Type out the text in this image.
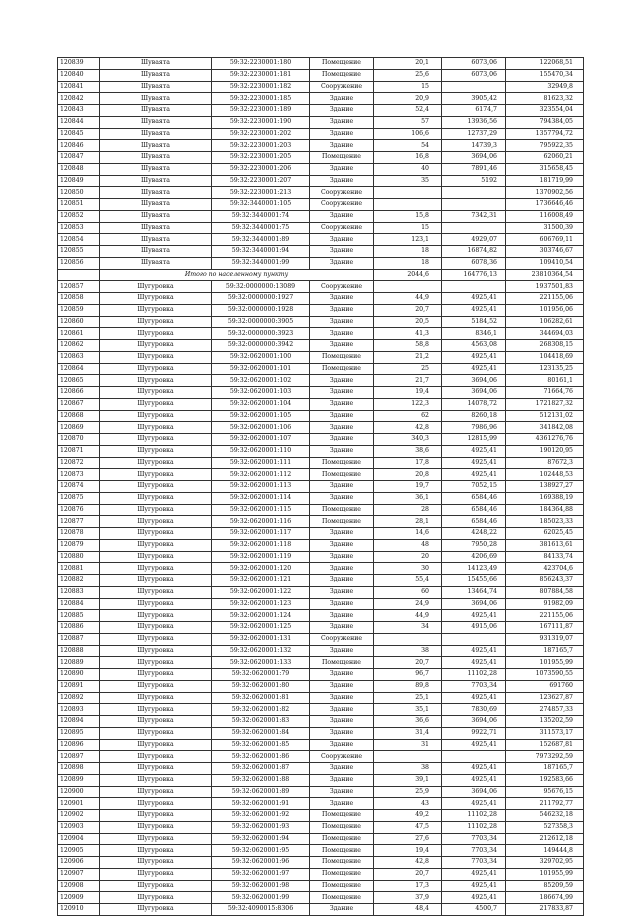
120839	Шуваята	59:32:2230001:180	Помещение	20,1	6073,06	122068,51
120840	Шуваята	59:32:2230001:181	Помещение	25,6	6073,06	155470,34
120841	Шуваята	59:32:2230001:182	Сооружение	15		32949,8
120842	Шуваята	59:32:2230001:185	Здание	20,9	3905,42	81623,32
120843	Шуваята	59:32:2230001:189	Здание	52,4	6174,7	323554,04
120844	Шуваята	59:32:2230001:190	Здание	57	13936,56	794384,05
120845	Шуваята	59:32:2230001:202	Здание	106,6	12737,29	1357794,72
120846	Шуваята	59:32:2230001:203	Здание	54	14739,3	795922,35
120847	Шуваята	59:32:2230001:205	Помещение	16,8	3694,06	62060,21
120848	Шуваята	59:32:2230001:206	Здание	40	7891,46	315658,45
120849	Шуваята	59:32:2230001:207	Здание	35	5192	181719,99
120850	Шуваята	59:32:2230001:213	Сооружение			1370902,56
120851	Шуваята	59:32:3440001:105	Сооружение			1736646,46
120852	Шуваята	59:32:3440001:74	Здание	15,8	7342,31	116008,49
120853	Шуваята	59:32:3440001:75	Сооружение	15		31500,39
120854	Шуваята	59:32:3440001:89	Здание	123,1	4929,07	606769,11
120855	Шуваята	59:32:3440001:94	Здание	18	16874,82	303746,67
120856	Шуваята	59:32:3440001:99	Здание	18	6078,36	109410,54
	Итого по населенному пункту			2044,6	164776,13	23810364,54
120857	Шугуровка	59:32:0000000:13089	Сооружение			1937501,83
120858	Шугуровка	59:32:0000000:1927	Здание	44,9	4925,41	221155,06
120859	Шугуровка	59:32:0000000:1928	Здание	20,7	4925,41	101956,06
120860	Шугуровка	59:32:0000000:3905	Здание	20,5	5184,52	106282,61
120861	Шугуровка	59:32:0000000:3923	Здание	41,3	8346,1	344694,03
120862	Шугуровка	59:32:0000000:3942	Здание	58,8	4563,08	268308,15
120863	Шугуровка	59:32:0620001:100	Помещение	21,2	4925,41	104418,69
120864	Шугуровка	59:32:0620001:101	Помещение	25	4925,41	123135,25
120865	Шугуровка	59:32:0620001:102	Здание	21,7	3694,06	80161,1
120866	Шугуровка	59:32:0620001:103	Здание	19,4	3694,06	71664,76
120867	Шугуровка	59:32:0620001:104	Здание	122,3	14078,72	1721827,32
120868	Шугуровка	59:32:0620001:105	Здание	62	8260,18	512131,02
120869	Шугуровка	59:32:0620001:106	Здание	42,8	7986,96	341842,08
120870	Шугуровка	59:32:0620001:107	Здание	340,3	12815,99	4361276,76
120871	Шугуровка	59:32:0620001:110	Здание	38,6	4925,41	190120,95
120872	Шугуровка	59:32:0620001:111	Помещение	17,8	4925,41	87672,3
120873	Шугуровка	59:32:0620001:112	Помещение	20,8	4925,41	102448,53
120874	Шугуровка	59:32:0620001:113	Здание	19,7	7052,15	138927,27
120875	Шугуровка	59:32:0620001:114	Здание	36,1	6584,46	169388,19
120876	Шугуровка	59:32:0620001:115	Помещение	28	6584,46	184364,88
120877	Шугуровка	59:32:0620001:116	Помещение	28,1	6584,46	185023,33
120878	Шугуровка	59:32:0620001:117	Здание	14,6	4248,22	62025,45
120879	Шугуровка	59:32:0620001:118	Здание	48	7950,28	381613,61
120880	Шугуровка	59:32:0620001:119	Здание	20	4206,69	84133,74
120881	Шугуровка	59:32:0620001:120	Здание	30	14123,49	423704,6
120882	Шугуровка	59:32:0620001:121	Здание	55,4	15455,66	856243,37
120883	Шугуровка	59:32:0620001:122	Здание	60	13464,74	807884,58
120884	Шугуровка	59:32:0620001:123	Здание	24,9	3694,06	91982,09
120885	Шугуровка	59:32:0620001:124	Здание	44,9	4925,41	221155,06
120886	Шугуровка	59:32:0620001:125	Здание	34	4915,06	167111,87
120887	Шугуровка	59:32:0620001:131	Сооружение			931319,07
120888	Шугуровка	59:32:0620001:132	Здание	38	4925,41	187165,7
120889	Шугуровка	59:32:0620001:133	Помещение	20,7	4925,41	101955,99
120890	Шугуровка	59:32:0620001:79	Здание	96,7	11102,28	1073590,55
120891	Шугуровка	59:32:0620001:80	Здание	89,8	7703,34	691760
120892	Шугуровка	59:32:0620001:81	Здание	25,1	4925,41	123627,87
120893	Шугуровка	59:32:0620001:82	Здание	35,1	7830,69	274857,33
120894	Шугуровка	59:32:0620001:83	Здание	36,6	3694,06	135202,59
120895	Шугуровка	59:32:0620001:84	Здание	31,4	9922,71	311573,17
120896	Шугуровка	59:32:0620001:85	Здание	31	4925,41	152687,81
120897	Шугуровка	59:32:0620001:86	Сооружение			7973292,59
120898	Шугуровка	59:32:0620001:87	Здание	38	4925,41	187165,7
120899	Шугуровка	59:32:0620001:88	Здание	39,1	4925,41	192583,66
120900	Шугуровка	59:32:0620001:89	Здание	25,9	3694,06	95676,15
120901	Шугуровка	59:32:0620001:91	Здание	43	4925,41	211792,77
120902	Шугуровка	59:32:0620001:92	Помещение	49,2	11102,28	546232,18
120903	Шугуровка	59:32:0620001:93	Помещение	47,5	11102,28	527358,3
120904	Шугуровка	59:32:0620001:94	Помещение	27,6	7703,34	212612,18
120905	Шугуровка	59:32:0620001:95	Помещение	19,4	7703,34	149444,8
120906	Шугуровка	59:32:0620001:96	Помещение	42,8	7703,34	329702,95
120907	Шугуровка	59:32:0620001:97	Помещение	20,7	4925,41	101955,99
120908	Шугуровка	59:32:0620001:98	Помещение	17,3	4925,41	85209,59
120909	Шугуровка	59:32:0620001:99	Помещение	37,9	4925,41	186674,99
120910	Шугуровка	59:32:4090015:8306	Здание	48,4	4500,7	217833,87
